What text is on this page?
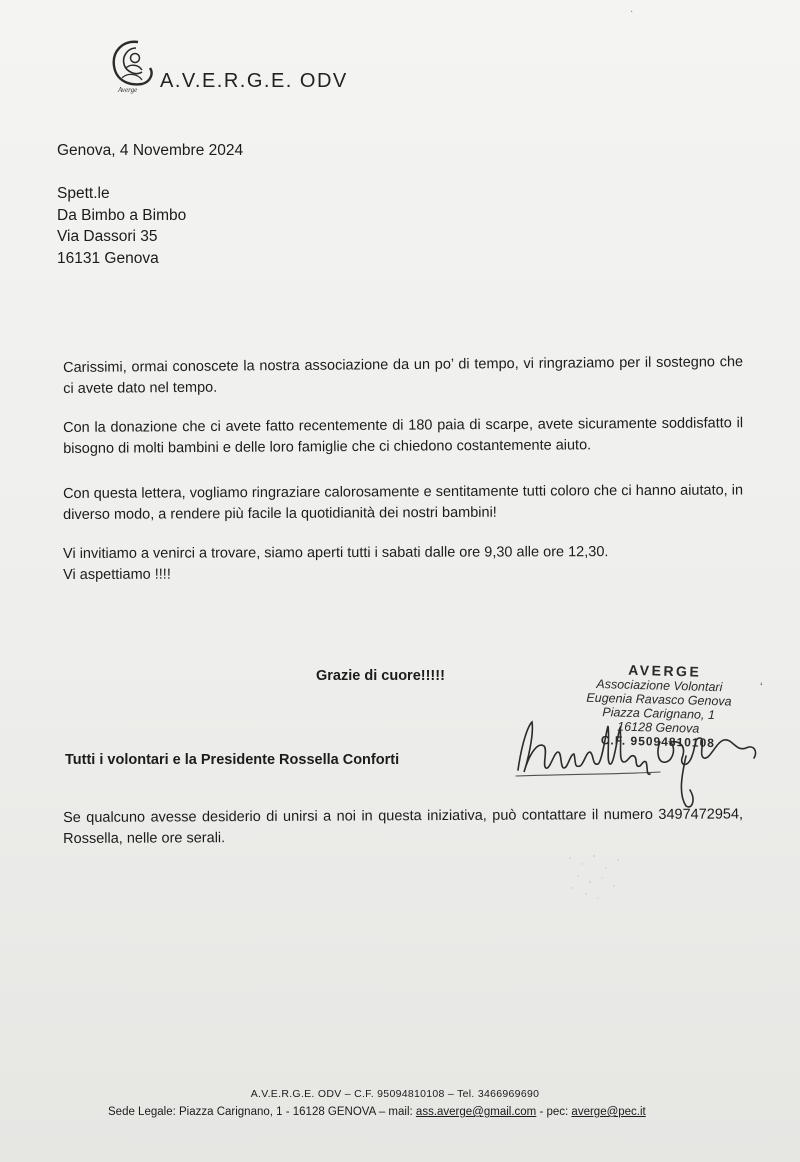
·
Averge A.V.E.R.G.E. ODV
Genova, 4 Novembre 2024
Spett.le
Da Bimbo a Bimbo
Via Dassori 35
16131 Genova
Carissimi, ormai conoscete la nostra associazione da un po’ di tempo, vi ringraziamo per il sostegno che ci avete dato nel tempo.
Con la donazione che ci avete fatto recentemente di 180 paia di scarpe, avete sicuramente soddisfatto il bisogno di molti bambini e delle loro famiglie che ci chiedono costantemente aiuto.
Con questa lettera, vogliamo ringraziare calorosamente e sentitamente tutti coloro che ci hanno aiutato, in diverso modo, a rendere più facile la quotidianità dei nostri bambini!
Vi invitiamo a venirci a trovare, siamo aperti tutti i sabati dalle ore 9,30 alle ore 12,30.
Vi aspettiamo !!!!
Grazie di cuore!!!!!	AVERGE
Associazione Volontari
Eugenia Ravasco Genova
Piazza Carignano, 1
16128 Genova
C.F. 95094810108
‘
Tutti i volontari e la Presidente Rossella Conforti
Se qualcuno avesse desiderio di unirsi a noi in questa iniziativa, può contattare il numero 3497472954, Rossella, nelle ore serali.
A.V.E.R.G.E. ODV – C.F. 95094810108 – Tel. 3466969690
Sede Legale: Piazza Carignano, 1 - 16128 GENOVA – mail: ass.averge@gmail.com - pec: averge@pec.it
